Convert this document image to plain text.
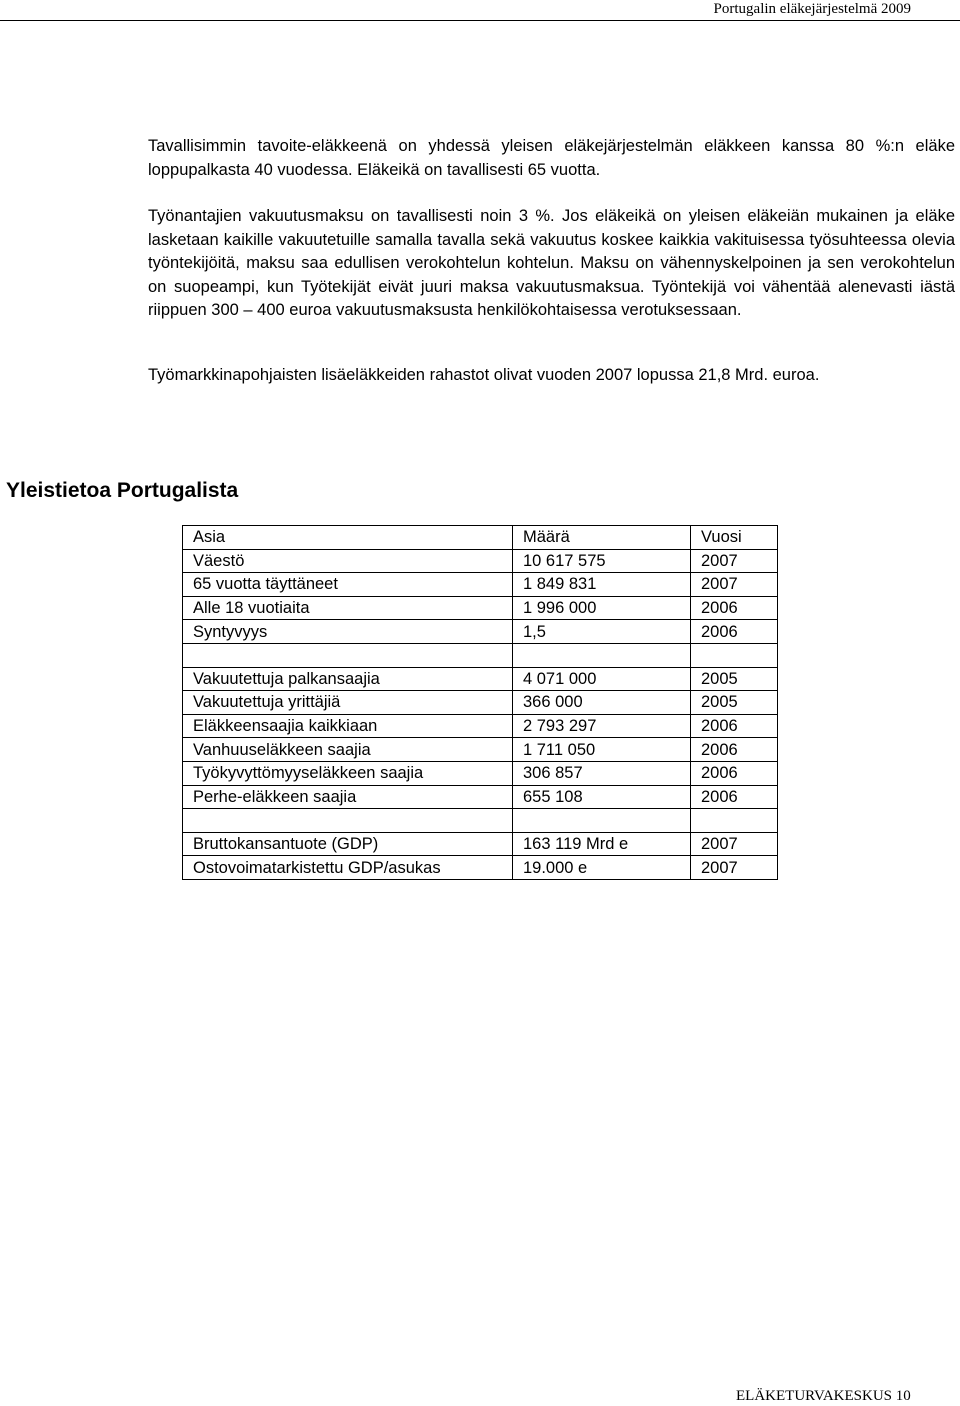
Portugalin eläkejärjestelmä 2009

Tavallisimmin tavoite-eläkkeenä on yhdessä yleisen eläkejärjestelmän eläkkeen kanssa 80 %:n eläke loppupalkasta 40 vuodessa. Eläkeikä on tavallisesti 65 vuotta.

Työnantajien vakuutusmaksu on tavallisesti noin 3 %. Jos eläkeikä on yleisen eläkeiän mukainen ja eläke lasketaan kaikille vakuutetuille samalla tavalla sekä vakuutus koskee kaikkia vakituisessa työsuhteessa olevia työntekijöitä, maksu saa edullisen verokohtelun kohtelun. Maksu on vähennyskelpoinen ja sen verokohtelun on suopeampi, kun Työtekijät eivät juuri maksa vakuutusmaksua. Työntekijä voi vähentää alenevasti iästä riippuen 300 – 400 euroa vakuutusmaksusta henkilökohtaisessa verotuksessaan.

Työmarkkinapohjaisten lisäeläkkeiden rahastot olivat vuoden 2007 lopussa 21,8 Mrd. euroa.

Yleistietoa Portugalista
Asia	Määrä	Vuosi
Väestö	10 617 575	2007
65 vuotta täyttäneet	1 849 831	2007
Alle 18 vuotiaita	1 996 000	2006
Syntyvyys	1,5	2006

Vakuutettuja palkansaajia	4 071 000	2005
Vakuutettuja yrittäjiä	366 000	2005
Eläkkeensaajia kaikkiaan	2 793 297	2006
Vanhuuseläkkeen saajia	1 711 050	2006
Työkyvyttömyyseläkkeen saajia	306 857	2006
Perhe-eläkkeen saajia	655 108	2006

Bruttokansantuote (GDP)	163 119 Mrd e	2007
Ostovoimatarkistettu GDP/asukas	19.000 e	2007
ELÄKETURVAKESKUS 10
